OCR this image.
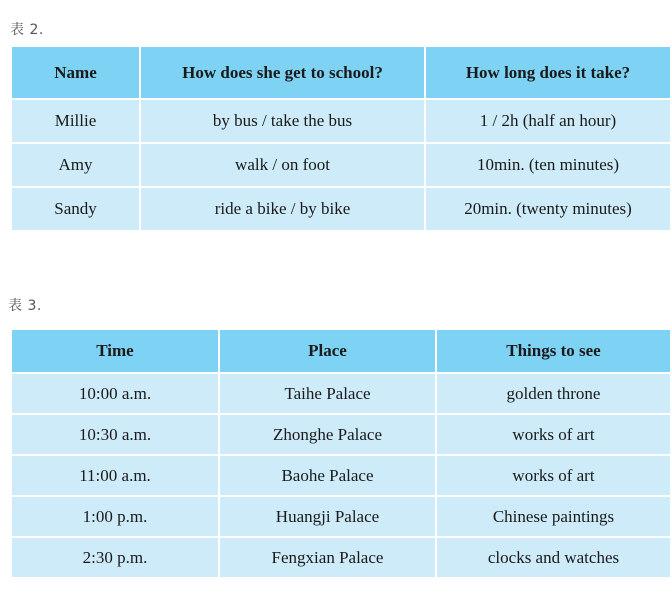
表 2.
Name	How does she get to school?	How long does it take?
Millie	by bus / take the bus	1 / 2h (half an hour)
Amy	walk / on foot	10min. (ten minutes)
Sandy	ride a bike / by bike	20min. (twenty minutes)
表 3.
Time	Place	Things to see
10:00 a.m.	Taihe Palace	golden throne
10:30 a.m.	Zhonghe Palace	works of art
11:00 a.m.	Baohe Palace	works of art
1:00 p.m.	Huangji Palace	Chinese paintings
2:30 p.m.	Fengxian Palace	clocks and watches
